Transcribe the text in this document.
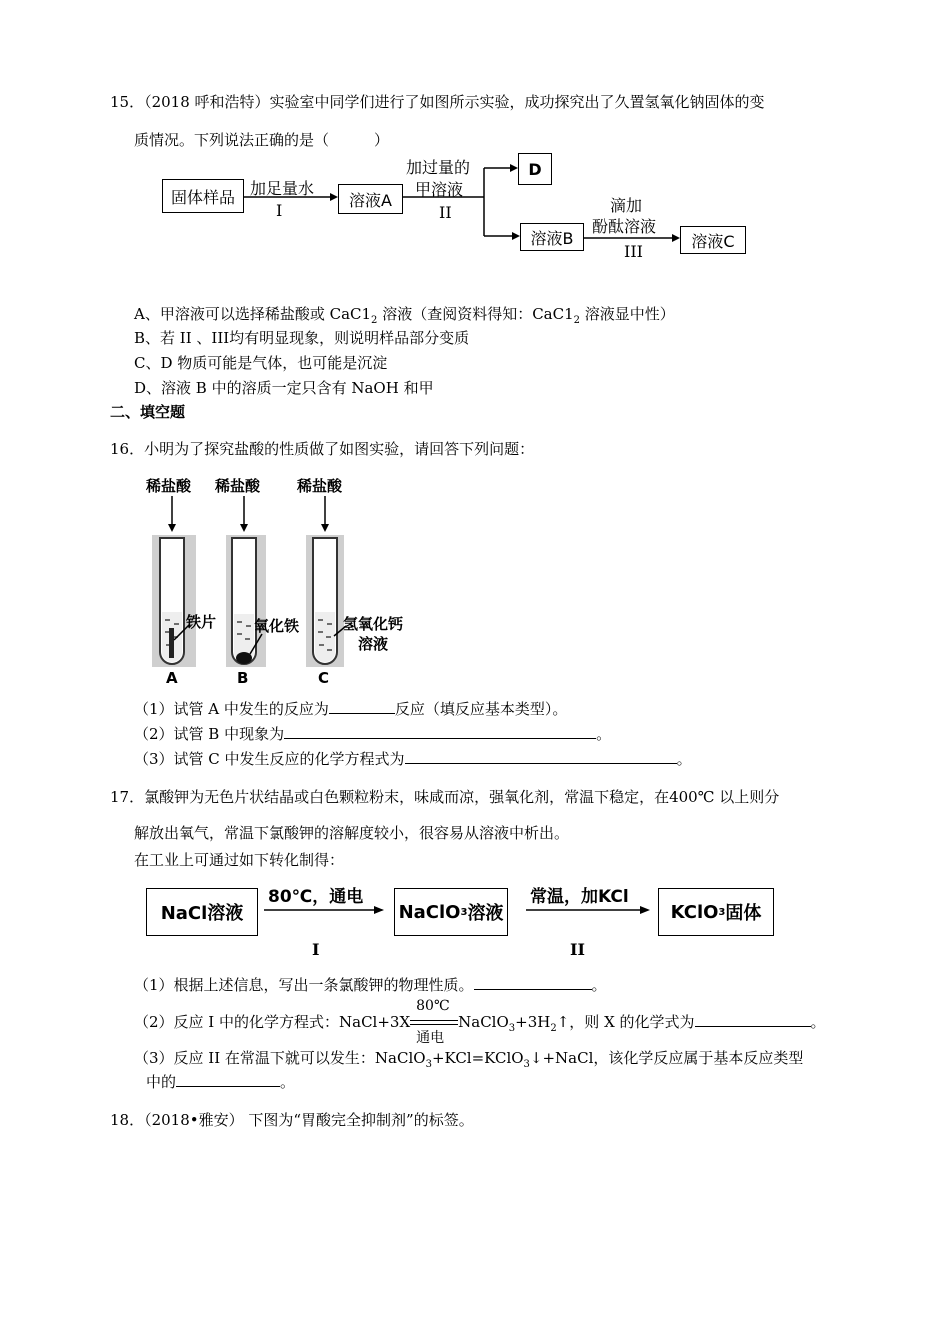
15．（2018 呼和浩特）实验室中同学们进行了如图所示实验，成功探究出了久置氢氧化钠固体的变
质情况。下列说法正确的是（　　　）
固体样品 加足量水
I
溶液A
加过量的
甲溶液
II
D
溶液B
滴加
酚酞溶液
III
溶液C
A、甲溶液可以选择稀盐酸或 $CaC1_2$ 溶液（查阅资料得知：$CaC1_2$ 溶液显中性）
B、若 II 、III均有明显现象，则说明样品部分变质
C、D 物质可能是气体，也可能是沉淀
D、溶液 B 中的溶质一定只含有 NaOH 和甲
二、填空题
16．小明为了探究盐酸的性质做了如图实验，请回答下列问题：
稀盐酸 稀盐酸 稀盐酸
铁片	氧化铁	氢氧化钙
溶液
A	B	C
（1）试管 A 中发生的反应为	反应（填反应基本类型）。
（2）试管 B 中现象为	。
（3）试管 C 中发生反应的化学方程式为	。
17．氯酸钾为无色片状结晶或白色颗粒粉末，味咸而凉，强氧化剂，常温下稳定，在400℃ 以上则分
解放出氧气，常温下氯酸钾的溶解度较小，很容易从溶液中析出。
在工业上可通过如下转化制得：
NaCl溶液
80℃，通电
I
NaClO 3 溶液
常温，加KCl
II
KClO 3 固体
（1）根据上述信息，写出一条氯酸钾的物理性质。	。
（2）反应 I 中的化学方程式：NaCl+3X
80℃
通电
$NaClO_3+3H_2↑$，则 X 的化学式为	。
（3）反应 II 在常温下就可以发生：NaClO$_3$+KCl=KClO$_3$↓+NaCl，该化学反应属于基本反应类型
中的	。
18．（2018•雅安） 下图为“胃酸完全抑制剂”的标签。
